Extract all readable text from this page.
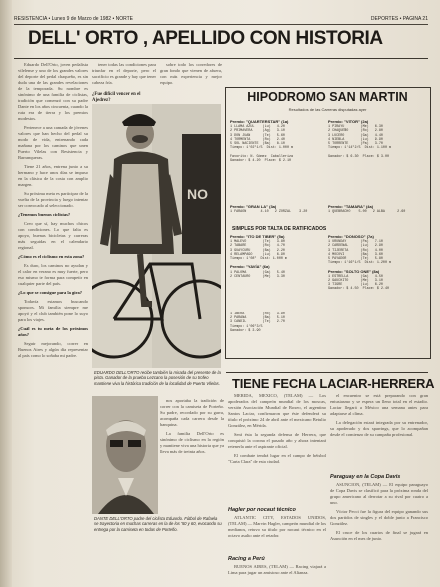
RESISTENCIA • Lunes 9 de Marzo de 1982 • NORTE	DEPORTES • PAGINA 21
DELL' ORTO , APELLIDO CON HISTORIA

Eduardo Dell'Orto, joven pedalista vilelense y uno de los grandes valores del deporte del pedal chaqueño, es sin duda una de las grandes revelaciones de la temporada. Su nombre es sinónimo de una familia de ciclistas, tradición que comenzó con su padre Dante en los años cincuenta, cuando la ruta era de tierra y los premios modestos.

Pertenece a una camada de jóvenes valores que han hecho del pedal su modo de vida, entrenando cada mañana por los caminos que unen Puerto Vilelas con Resistencia y Barranqueras.

Tiene 21 años, entrena junto a su hermano y hace unos días se impuso en la clásica de la costa con amplio margen.

Su próxima meta es participar de la vuelta de la provincia y luego intentar ser convocado al seleccionado.

¿Tenemos buenos ciclistas?

Creo que sí, hay muchos chicos con condiciones. Lo que falta es apoyo, buenas bicicletas y carreras más seguidas en el calendario regional.

¿Cómo es el ciclismo en esta zona?

Es duro, los caminos no ayudan y el calor en verano es muy fuerte, pero eso mismo te forma para competir en cualquier parte del país.

¿Lo que se consigue para la gira?

Todavía estamos buscando sponsors. Mi familia siempre me apoyó y el club también pone lo suyo para los viajes.

¿Cuál es tu meta de los próximos años?

Seguir mejorando, correr en Buenos Aires y algún día representar al país como lo soñaba mi padre.

tener todas las condiciones para triunfar en el deporte, pero el sacrificio es grande y hay que tener cabeza fría.

¿Fue difícil vencer en el Ajedrez?

sobre todo los corredores de gran fondo que vienen de afuera, con más experiencia y mejor equipo.

NO
EDUARDO DELL'ORTO recibe también la mirada del presente de la pista. Ganador de la prueba Lezcano la posesión de su trofeo mantiene viva la histórica tradición de la localidad de Puerto Vilelas.

nos aportaba la tradición de correr con la camiseta de Porteño. Su padre, recordado por su garra, acompaña cada carrera desde la banquina.

La familia Dell'Orto es sinónimo de ciclismo en la región y mantiene viva una historia que ya lleva más de treinta años.

DANTE DELL'ORTO padre del ciclista Eduardo. Fútbol de Rafaela se trayectoria en muchas carreras en la de los '50 y 60, evocando su entrega por la camiseta en todas de Porteño.
HIPODROMO SAN MARTIN
Resultados de las Carreras disputadas ayer
Premio: "QUARTERSTAR" (1a)
1 LLAMA AZUL    (Lu)   4.20
2 PRIMAVERA     (Ag)   3.10
3 DON JUAN      (Te)   5.60
4 TORMENTA      (Ro)   2.40
5 SOL NACIENTE  (Ba)   8.10
Tiempo: 1'02"1/5  Dist: 1.000 m

Favorito: N. Gómez  Caballeriza
Ganador: $ 4.20  Place: $ 2.10
Premio: "VITOR" (2a)
1 PIRAYU        (Me)   6.30
2 CHAQUEÑO      (Ro)   2.80
3 LUCERO        (Ga)   4.40
4 NIEBLA        (Lu)   9.90
5 TORRENTE      (Pa)   3.70
Tiempo: 1'14"2/5  Dist: 1.100 m

Ganador: $ 6.30  Place: $ 3.00
Premio: "GRAN LA" (3a)
1 FARAON       4.10   2 ZORZAL    3.20
Premio: "TAMARA" (4a)
1 QUEBRACHO    5.00   2 ALBA      2.60
SIMPLES POR TALTA DE RATIFICADOS
Premio: "ITO DE TIBER" (5a)
1 MALEVO        (Te)   3.80
2 TABARE        (Ro)   4.70
3 GUAYCURU      (Ba)   2.20
4 RELAMPAGO     (Lu)   6.90
Tiempo: 1'08"  Dist: 1.000 m

Premio: "YAVÍA" (6a)
1 PALOMA        (Ga)   5.40
2 CENTAURO      (Me)   3.30
Premio: "DONOSO" (7a)
1 URUNDAY       (Pa)   7.10
2 CARDENAL      (Lu)   2.90
3 TIJERETA      (Ro)   4.00
4 MOCOVI        (Ba)   3.60
5 PAYADOR       (Te)   5.80
Tiempo: 1'16"1/5  Dist: 1.200 m

Premio: "SOLTO ONE" (8a)
1 ESTRELLA      (Ga)   4.50
2 GAUCHITO      (Me)   3.10
3 TIGRE         (Lu)   6.20
Ganador: $ 4.50  Place: $ 2.40
1 IBERA         (Ro)   3.90
2 PARANA        (Ba)   5.10
3 CANDIL        (Te)   2.70
Tiempo: 1'06"3/5
Ganador: $ 3.90
TIENE FECHA LACIAR-HERRERA

MERIDA, MEXICO, (TELAM) — Los apoderados del campeón mundial de los moscas, versión Asociación Mundial de Boxeo, el argentino Santos Laciar, confirmaron que éste defenderá su título el próximo 24 de abril ante el mexicano Betulio González, en Mérida.

Será ésta la segunda defensa de Herrera, que conquistó la corona el pasado año y ahora intentará retenerla ante el aspirante oficial.

El combate tendrá lugar en el campo de béisbol "Carta Clara" de esta ciudad.

Hagler por nocaut técnico

ATLANTIC CITY, ESTADOS UNIDOS, (TELAM) — Marvin Hagler, campeón mundial de los medianos, retuvo su título por nocaut técnico en el octavo asalto ante el retador.

Racing a Perú

BUENOS AIRES, (TELAM) — Racing viajará a Lima para jugar un amistoso ante el Alianza.

el encuentro se está preparando con gran entusiasmo y se espera un lleno total en el estadio. Laciar llegará a México una semana antes para adaptarse al clima.

La delegación estará integrada por su entrenador, su apoderado y dos sparrings, que lo acompañan desde el comienzo de su campaña profesional.

Paraguay en la Copa Davis

ASUNCION, (TELAM) — El equipo paraguayo de Copa Davis se clasificó para la próxima ronda del grupo americano al derrotar a su rival por cuatro a uno.

Víctor Pecci fue la figura del equipo ganando sus dos partidos de singles y el doble junto a Francisco González.

El cruce de los cuartos de final se jugará en Asunción en el mes de junio.
